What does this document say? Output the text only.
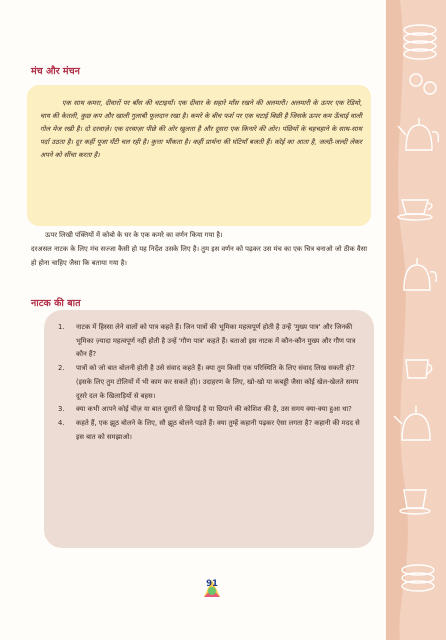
मंच और मंचन
एक साथ कमरा, दीवारों पर बाँस की चटाइयाँ। एक दीवार के सहारे माँस रखने की अलमारी। अलमारी के ऊपर एक रेडियो, चाय की केतली, कुछ कप और खाली गुलाबी फूलदान रखा है। कमरे के बीच फर्श पर एक चटाई बिछी है जिसके ऊपर कम ऊँचाई वाली गोल मेज रखी है। दो दरवाज़े। एक दरवाज़ा पीछे की ओर खुलता है और दूसरा एक किनारे की ओर। पंछियों के चहचहाने के साथ-साथ पर्दा उठता है। दूर कहीं पूजा घँटी चल रही है। कुत्ता भौंकता है। कहीं प्रार्थना की घंटियाँ बजती हैं। कोई का आता है, जल्दी-जल्दी लेकर अपने को सींचा करता है।

ऊपर लिखी पंक्तियों में कोबो के घर के एक कमरे का वर्णन किया गया है।

दरअसल नाटक के लिए मंच सज्जा कैसी हो यह निर्देश उसके लिए है। तुम इस वर्णन को पढ़कर उस मंच का एक चित्र बनाओ जो ठीक वैसा हो होना चाहिए जैसा कि बताया गया है।

नाटक की बात
1. नाटक में हिस्सा लेने वालों को पात्र कहते हैं। जिन पात्रों की भूमिका महत्वपूर्ण होती है उन्हें 'मुख्य पात्र' और जिनकी भूमिका ज़्यादा महत्वपूर्ण नहीं होती है उन्हें 'गौण पात्र' कहते हैं। बताओ इस नाटक में कौन-कौन मुख्य और गौण पात्र कौन हैं?
2. पात्रों को जो बात बोलनी होती है उसे संवाद कहते हैं। क्या तुम किसी एक परिस्थिति के लिए संवाद लिख सकती हो? (इसके लिए तुम टोलियों में भी काम कर सकते हो)। उदाहरण के लिए, खो-खो या कबड्डी जैसा कोई खेल-खेलते समय दूसरे दल के खिलाड़ियों से बहस।
3. क्या कभी आपने कोई चीज़ या बात दूसरों से छिपाई है या छिपाने की कोशिश की है, उस समय क्या-क्या हुआ था?
4. कहते हैं, एक झूठ बोलने के लिए, सौ झूठ बोलने पड़ते हैं। क्या तुम्हें कहानी पढ़कर ऐसा लगता है? कहानी की मदद से इस बात को समझाओ।
91
